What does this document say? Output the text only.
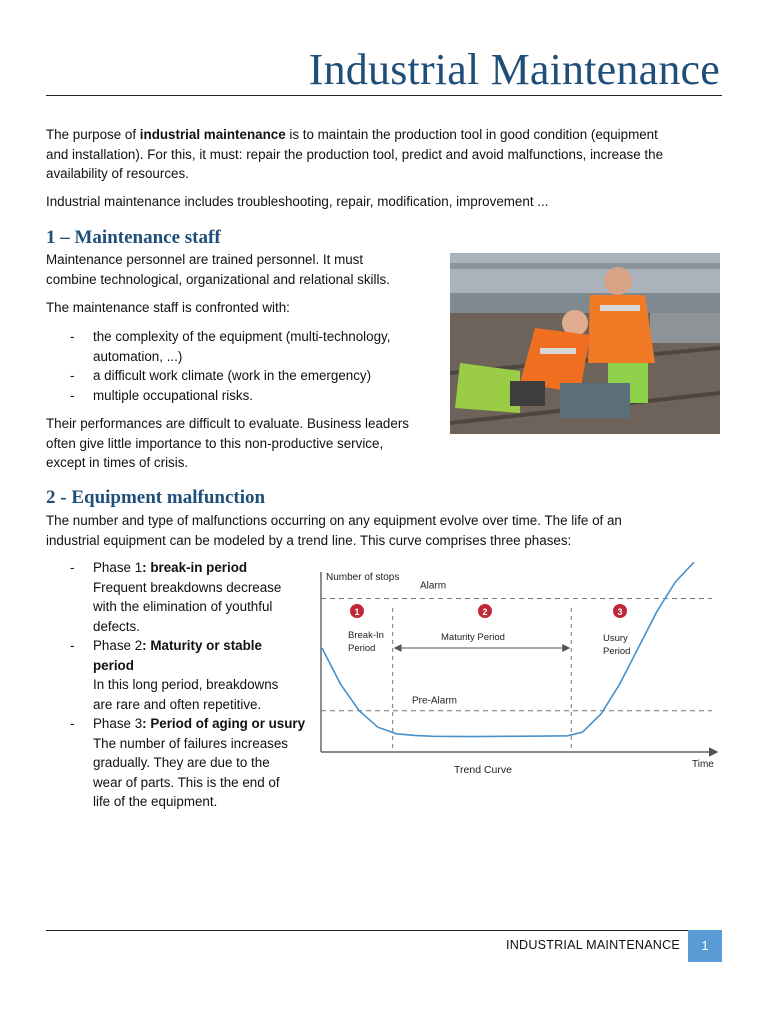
Industrial Maintenance

The purpose of industrial maintenance is to maintain the production tool in good condition (equipment
and installation). For this, it must: repair the production tool, predict and avoid malfunctions, increase the
availability of resources.

Industrial maintenance includes troubleshooting, repair, modification, improvement ...

1 – Maintenance staff

Maintenance personnel are trained personnel. It must
combine technological, organizational and relational skills.

The maintenance staff is confronted with:

- the complexity of the equipment (multi-technology,
automation, ...)
- a difficult work climate (work in the emergency)
- multiple occupational risks.

Their performances are difficult to evaluate. Business leaders
often give little importance to this non-productive service,
except in times of crisis.

2 - Equipment malfunction

The number and type of malfunctions occurring on any equipment evolve over time. The life of an
industrial equipment can be modeled by a trend line. This curve comprises three phases:

- Phase 1: break-in period
Frequent breakdowns decrease
with the elimination of youthful
defects.
- Phase 2: Maturity or stable
period
In this long period, breakdowns
are rare and often repetitive.
- Phase 3: Period of aging or usury
The number of failures increases
gradually. They are due to the
wear of parts. This is the end of
life of the equipment.
Number of stops
Time
Trend Curve
Alarm
Pre-Alarm
1	2	3
Break-In
Period
Maturity Period	Usury
Period
INDUSTRIAL MAINTENANCE	1
